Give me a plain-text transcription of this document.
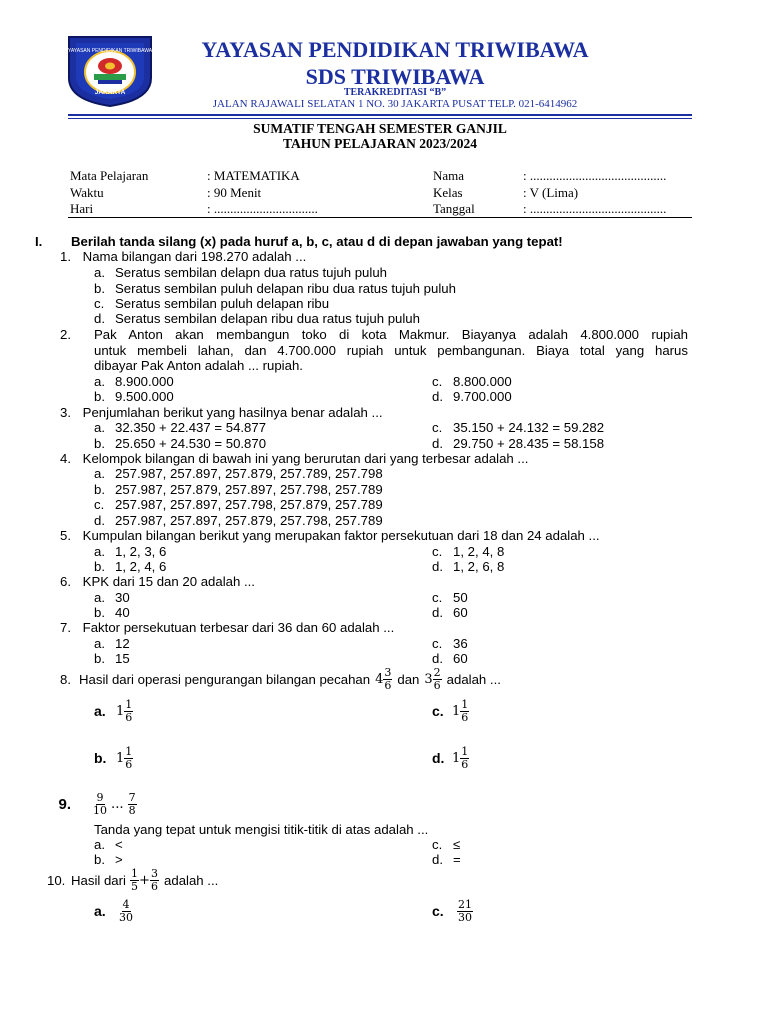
YAYASAN PENDIDIKAN TRIWIBAWA
JAKARTA
YAYASAN PENDIDIKAN TRIWIBAWA
SDS TRIWIBAWA
TERAKREDITASI “B”
JALAN RAJAWALI SELATAN 1 NO. 30 JAKARTA PUSAT TELP. 021-6414962
SUMATIF TENGAH SEMESTER GANJIL
TAHUN PELAJARAN 2023/2024
Mata Pelajaran	: MATEMATIKA	Nama	: ..........................................
Waktu	: 90 Menit	Kelas	: V (Lima)
Hari	: ................................	Tanggal	: ..........................................
I. Berilah tanda silang (x) pada huruf a, b, c, atau d di depan jawaban yang tepat!
1. Nama bilangan dari 198.270 adalah ...
a. Seratus sembilan delapn dua ratus tujuh puluh
b. Seratus sembilan puluh delapan ribu dua ratus tujuh puluh
c. Seratus sembilan puluh delapan ribu
d. Seratus sembilan delapan ribu dua ratus tujuh puluh
2. Pak Anton akan membangun toko di kota Makmur. Biayanya adalah 4.800.000 rupiah
untuk membeli lahan, dan 4.700.000 rupiah untuk pembangunan. Biaya total yang harus
dibayar Pak Anton adalah ... rupiah.
a. 8.900.000
b. 9.500.000
c. 8.800.000
d. 9.700.000
3. Penjumlahan berikut yang hasilnya benar adalah ...
a. 32.350 + 22.437 = 54.877
b. 25.650 + 24.530 = 50.870
c. 35.150 + 24.132 = 59.282
d. 29.750 + 28.435 = 58.158
4. Kelompok bilangan di bawah ini yang berurutan dari yang terbesar adalah ...
a. 257.987, 257.897, 257.879, 257.789, 257.798
b. 257.987, 257.879, 257.897, 257.798, 257.789
c. 257.987, 257.897, 257.798, 257.879, 257.789
d. 257.987, 257.897, 257.879, 257.798, 257.789
5. Kumpulan bilangan berikut yang merupakan faktor persekutuan dari 18 dan 24 adalah ...
a. 1, 2, 3, 6
b. 1, 2, 4, 6
c. 1, 2, 4, 8
d. 1, 2, 6, 8
6. KPK dari 15 dan 20 adalah ...
a. 30
b. 40
c. 50
d. 60
7. Faktor persekutuan terbesar dari 36 dan 60 adalah ...
a. 12
b. 15
c. 36
d. 60
8. Hasil dari operasi pengurangan bilangan pecahan $4 \frac{3}{6}$ dan $3 \frac{2}{6}$ adalah ...
a. $1 \frac{1}{6}$	c. $1 \frac{1}{6}$
b. $1 \frac{1}{6}$	d. $1 \frac{1}{6}$
9. $\frac{9}{10}$ ... $\frac{7}{8}$
Tanda yang tepat untuk mengisi titik-titik di atas adalah ...
a. <
b. >
c. ≤
d. =
10. Hasil dari $\frac{1}{5} + \frac{3}{6}$ adalah ...
a.	$\frac{4}{30}$	c.	$\frac{21}{30}$
